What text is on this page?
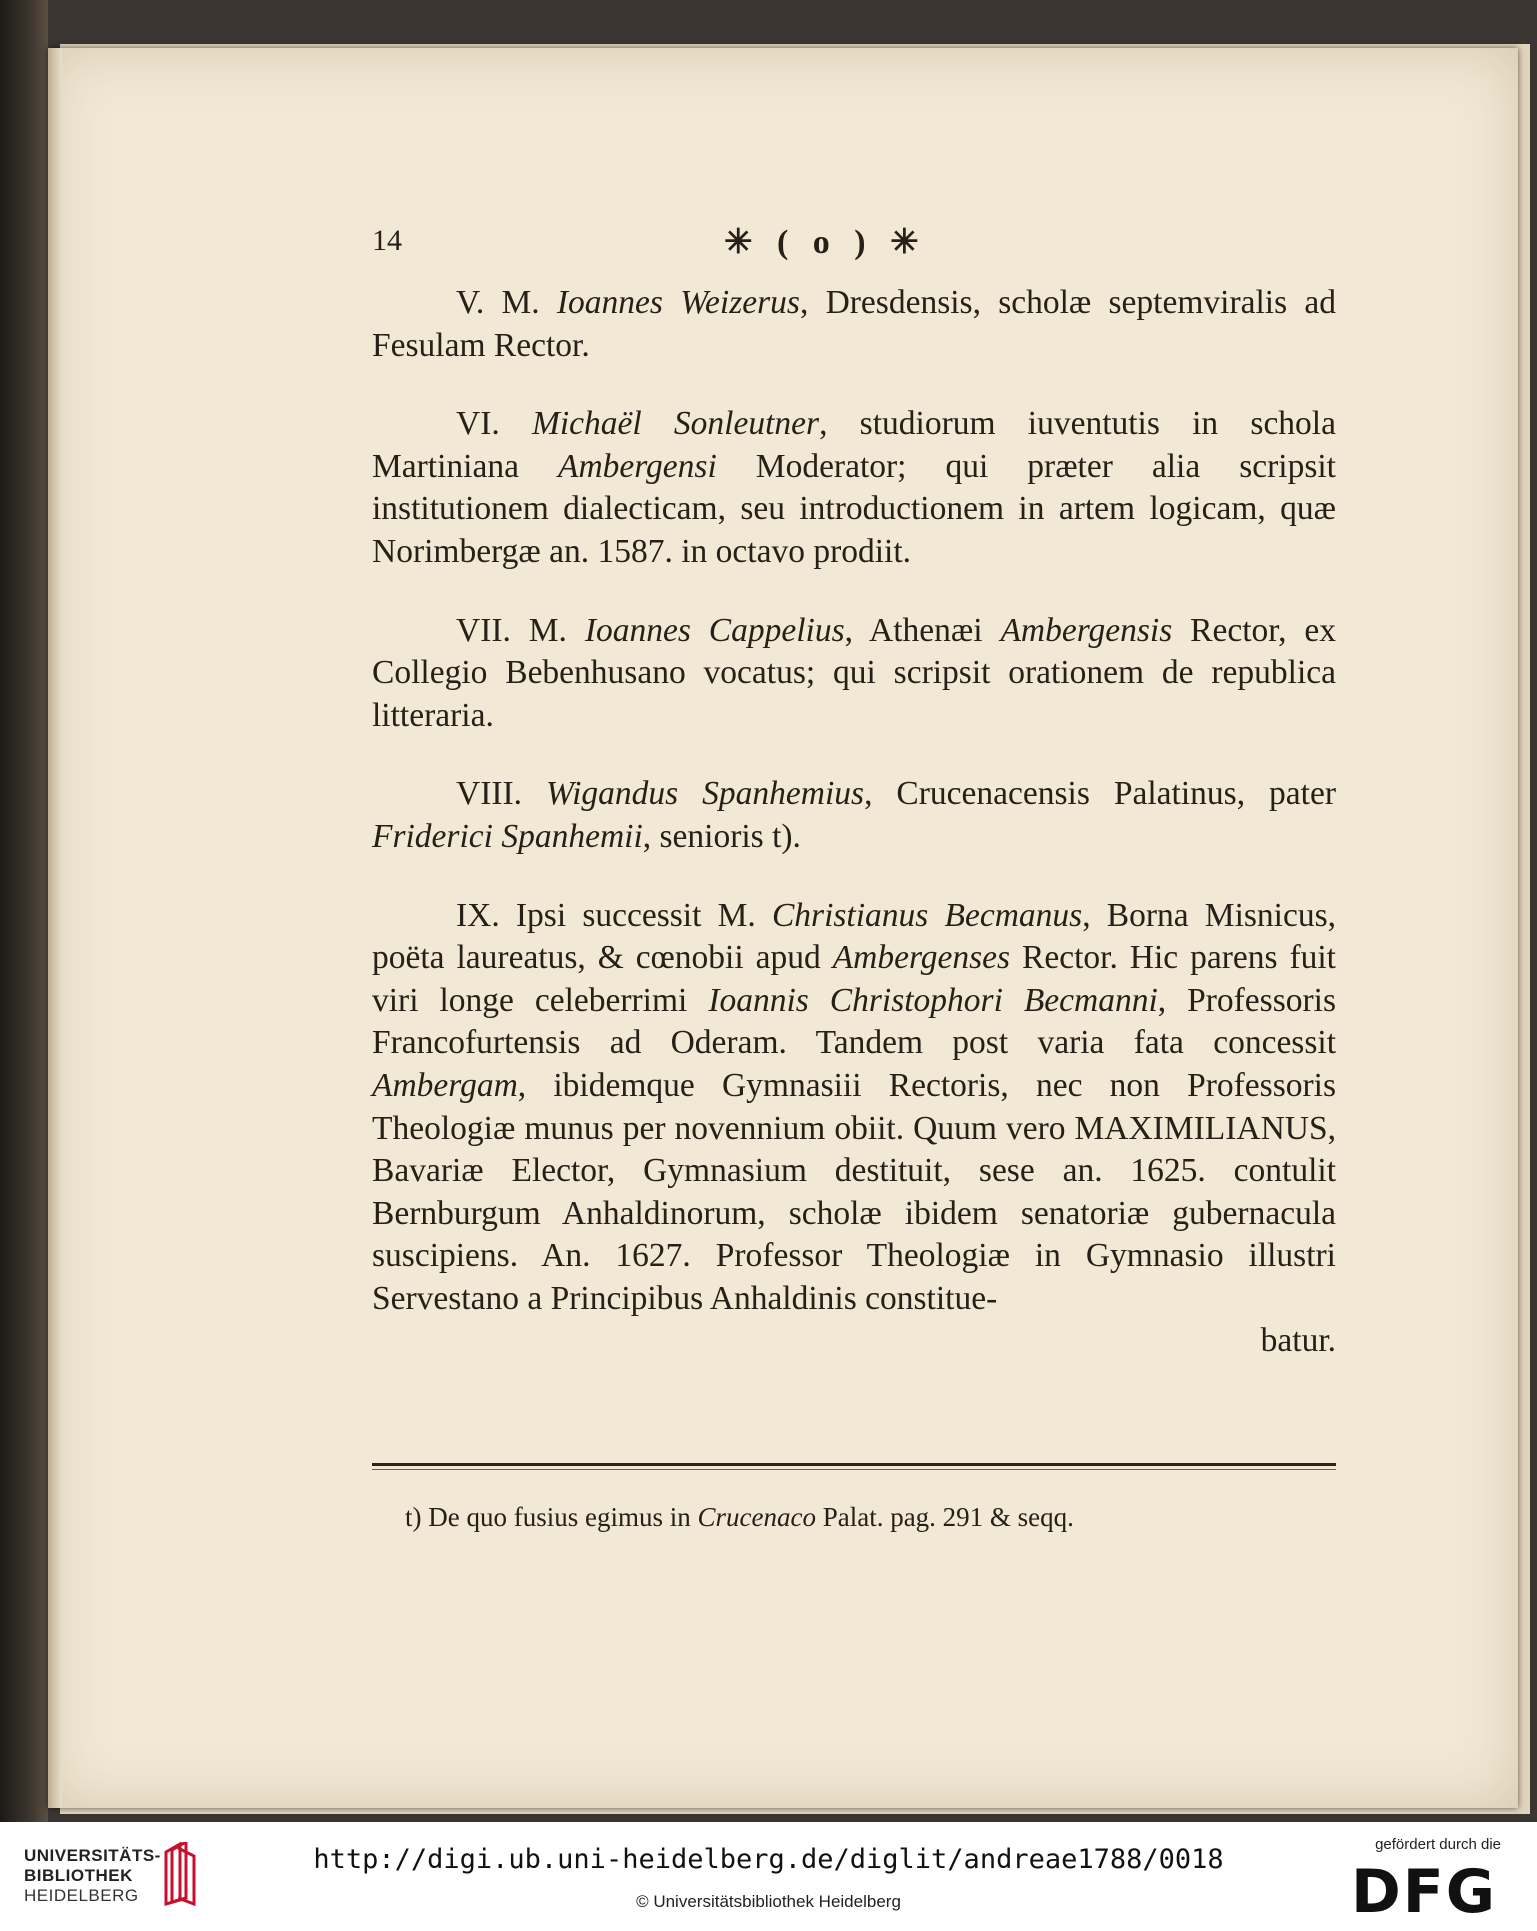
14	✳ ( o ) ✳

V. M. Ioannes Weizerus, Dresdensis, scholæ septemviralis ad Fesulam Rector.

VI. Michaël Sonleutner, studiorum iuventutis in schola Martiniana Ambergensi Moderator; qui præter alia scripsit institutionem dialecticam, seu introductionem in artem logicam, quæ Norimbergæ an. 1587. in octavo prodiit.

VII. M. Ioannes Cappelius, Athenæi Ambergensis Rector, ex Collegio Bebenhusano vocatus; qui scripsit orationem de republica litteraria.

VIII. Wigandus Spanhemius, Crucenacensis Palatinus, pater Friderici Spanhemii, senioris t).

IX. Ipsi successit M. Christianus Becmanus, Borna Misnicus, poëta laureatus, & cœnobii apud Ambergenses Rector. Hic parens fuit viri longe celeberrimi Ioannis Christophori Becmanni, Professoris Francofurtensis ad Oderam. Tandem post varia fata concessit Ambergam, ibidemque Gymnasiii Rectoris, nec non Professoris Theologiæ munus per novennium obiit. Quum vero MAXIMILIANUS, Bavariæ Elector, Gymnasium destituit, sese an. 1625. contulit Bernburgum Anhaldinorum, scholæ ibidem senatoriæ gubernacula suscipiens. An. 1627. Professor Theologiæ in Gymnasio illustri Servestano a Principibus Anhaldinis constitue-
batur.

t) De quo fusius egimus in Crucenaco Palat. pag. 291 & seqq.
UNIVERSITÄTS-
BIBLIOTHEK
HEIDELBERG
http://digi.ub.uni-heidelberg.de/diglit/andreae1788/0018
© Universitätsbibliothek Heidelberg
gefördert durch die
DFG
